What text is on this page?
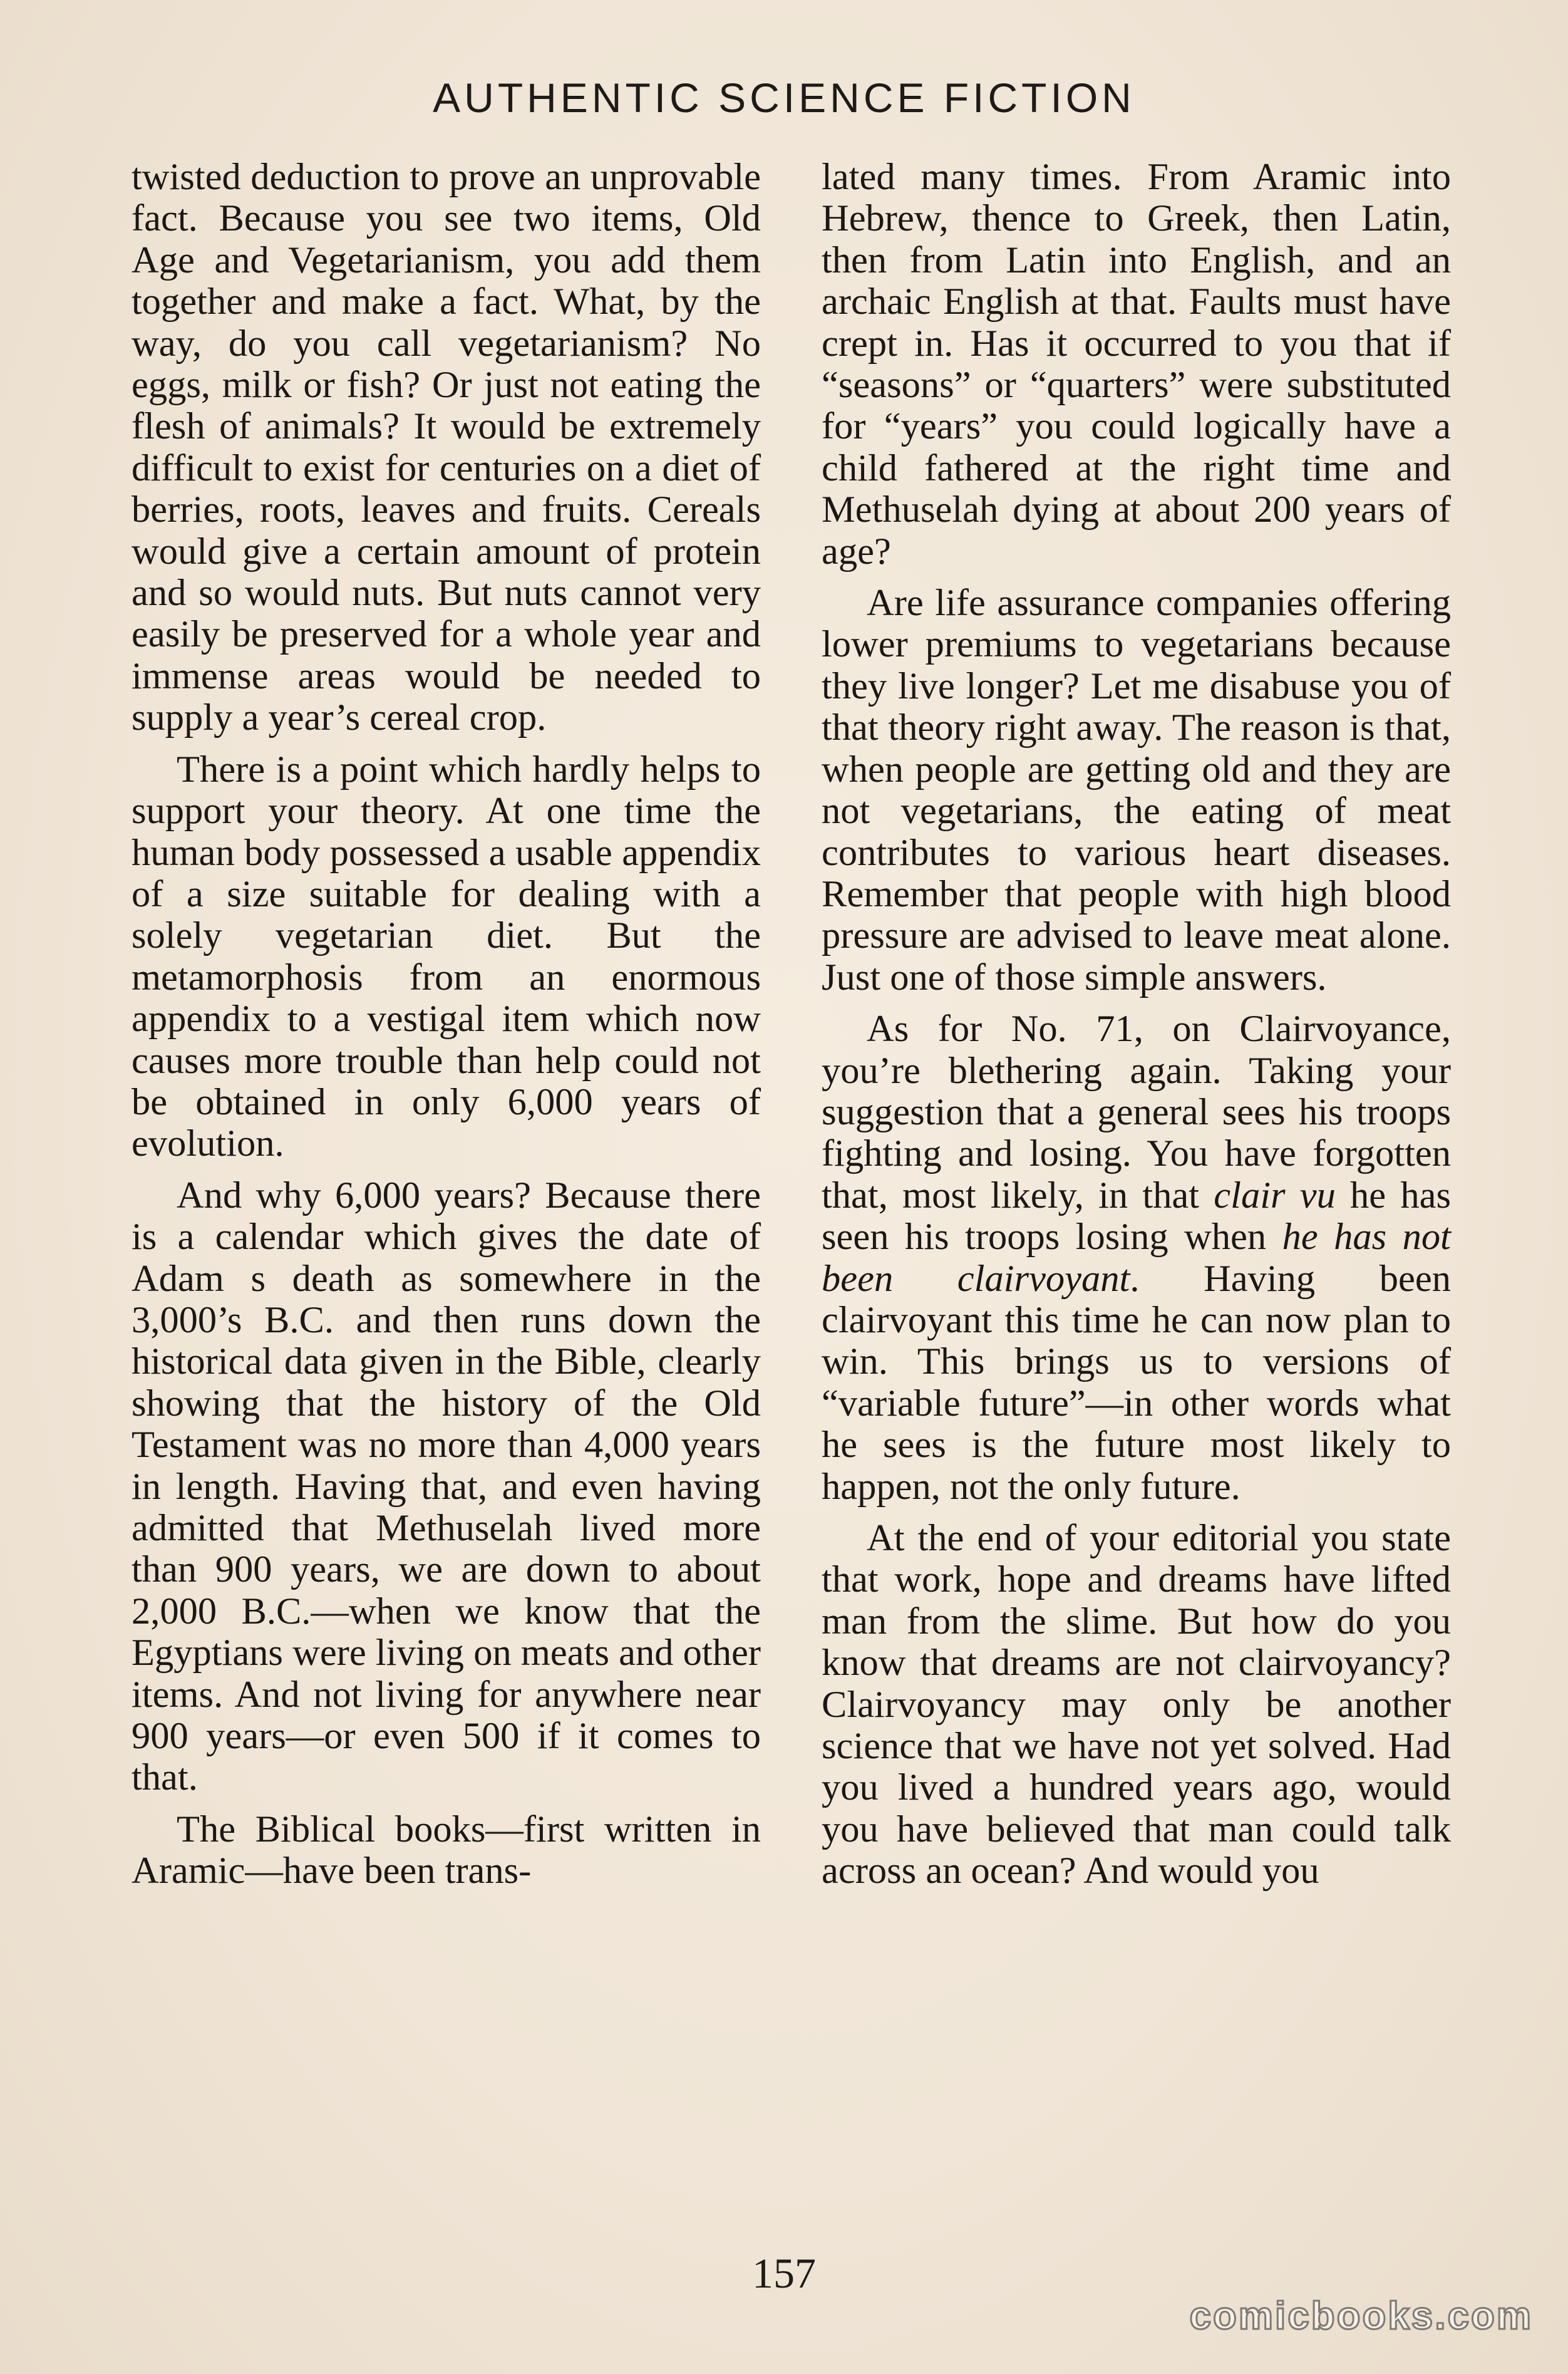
AUTHENTIC SCIENCE FICTION

twisted deduction to prove an unprovable fact. Because you see two items, Old Age and Vegetarianism, you add them together and make a fact. What, by the way, do you call vegetarianism? No eggs, milk or fish? Or just not eating the flesh of animals? It would be extremely difficult to exist for centuries on a diet of berries, roots, leaves and fruits. Cereals would give a certain amount of protein and so would nuts. But nuts cannot very easily be preserved for a whole year and immense areas would be needed to supply a year’s cereal crop.

There is a point which hardly helps to support your theory. At one time the human body possessed a usable appendix of a size suitable for dealing with a solely vegetarian diet. But the metamorphosis from an enormous appendix to a vestigal item which now causes more trouble than help could not be obtained in only 6,000 years of evolution.

And why 6,000 years? Because there is a calendar which gives the date of Adam s death as somewhere in the 3,000’s B.C. and then runs down the historical data given in the Bible, clearly showing that the history of the Old Testament was no more than 4,000 years in length. Having that, and even having admitted that Methuselah lived more than 900 years, we are down to about 2,000 B.C.—when we know that the Egyptians were living on meats and other items. And not living for anywhere near 900 years—or even 500 if it comes to that.

The Biblical books—first written in Aramic—have been trans-

lated many times. From Aramic into Hebrew, thence to Greek, then Latin, then from Latin into English, and an archaic English at that. Faults must have crept in. Has it occurred to you that if “seasons” or “quarters” were substituted for “years” you could logically have a child fathered at the right time and Methuselah dying at about 200 years of age?

Are life assurance companies offering lower premiums to vegetarians because they live longer? Let me disabuse you of that theory right away. The reason is that, when people are getting old and they are not vegetarians, the eating of meat contributes to various heart diseases. Remember that people with high blood pressure are advised to leave meat alone. Just one of those simple answers.

As for No. 71, on Clairvoyance, you’re blethering again. Taking your suggestion that a general sees his troops fighting and losing. You have forgotten that, most likely, in that clair vu he has seen his troops losing when he has not been clairvoyant. Having been clairvoyant this time he can now plan to win. This brings us to versions of “variable future”—in other words what he sees is the future most likely to happen, not the only future.

At the end of your editorial you state that work, hope and dreams have lifted man from the slime. But how do you know that dreams are not clairvoyancy? Clairvoyancy may only be another science that we have not yet solved. Had you lived a hundred years ago, would you have believed that man could talk across an ocean? And would you

157
comicbooks.com
